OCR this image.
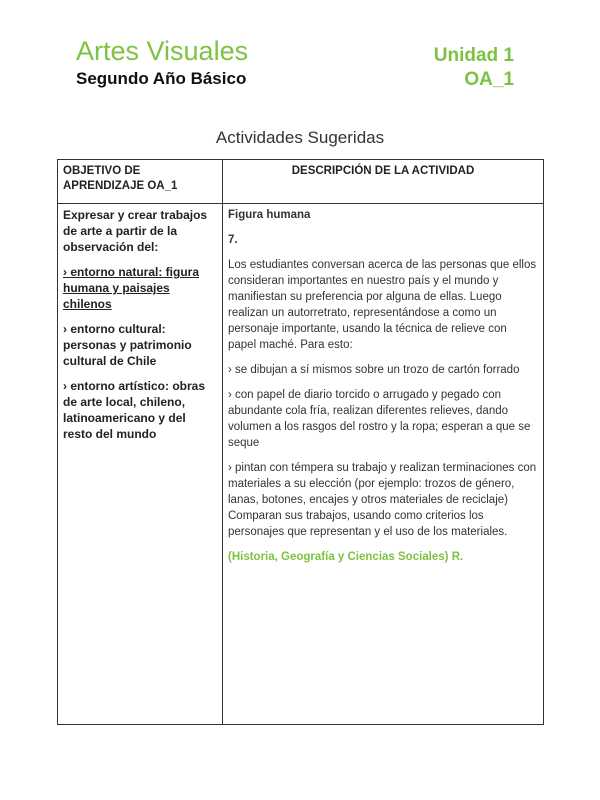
Artes Visuales
Segundo Año Básico
Unidad 1
OA_1
Actividades Sugeridas
OBJETIVO DE APRENDIZAJE OA_1
DESCRIPCIÓN DE LA ACTIVIDAD

Expresar y crear trabajos de arte a partir de la observación del:

› entorno natural: figura humana y paisajes chilenos

› entorno cultural: personas y patrimonio cultural de Chile

› entorno artístico: obras de arte local, chileno, latinoamericano y del resto del mundo

Figura humana

7.

Los estudiantes conversan acerca de las personas que ellos consideran importantes en nuestro país y el mundo y manifiestan su preferencia por alguna de ellas. Luego realizan un autorretrato, representándose a como un personaje importante, usando la técnica de relieve con papel maché. Para esto:

› se dibujan a sí mismos sobre un trozo de cartón forrado

› con papel de diario torcido o arrugado y pegado con abundante cola fría, realizan diferentes relieves, dando volumen a los rasgos del rostro y la ropa; esperan a que se seque

› pintan con témpera su trabajo y realizan terminaciones con materiales a su elección (por ejemplo: trozos de género, lanas, botones, encajes y otros materiales de reciclaje) Comparan sus trabajos, usando como criterios los personajes que representan y el uso de los materiales.

(Historia, Geografía y Ciencias Sociales) R.
